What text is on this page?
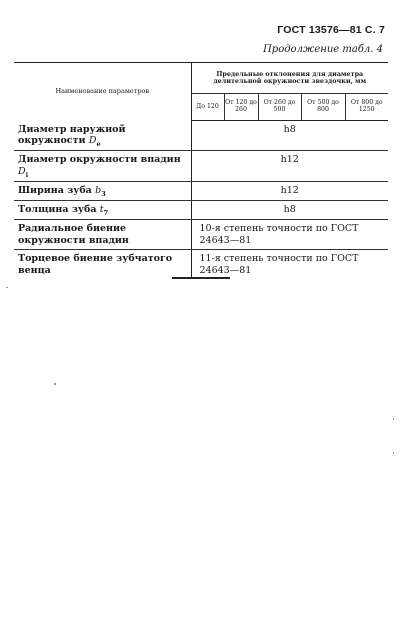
ГОСТ 13576—81 С. 7
Продолжение табл. 4
Наименование параметров	Предельные отклонения для диаметра делительной окружности звездочки, мм				
	До 120	От 120 до 260	От 260 до 500	От 500 до 800	От 800 до 1250
Диаметр наружной окружности $D_e$	h8				
Диаметр окружности впадин $D_i$	h12				
Ширина зуба $b_3$	h12				
Толщина зуба $t_7$	h8				
Радиальное биение окружности впадин	10-я степень точности по ГОСТ 24643—81				
Торцевое биение зубчатого венца	11-я степень точности по ГОСТ 24643—81				
